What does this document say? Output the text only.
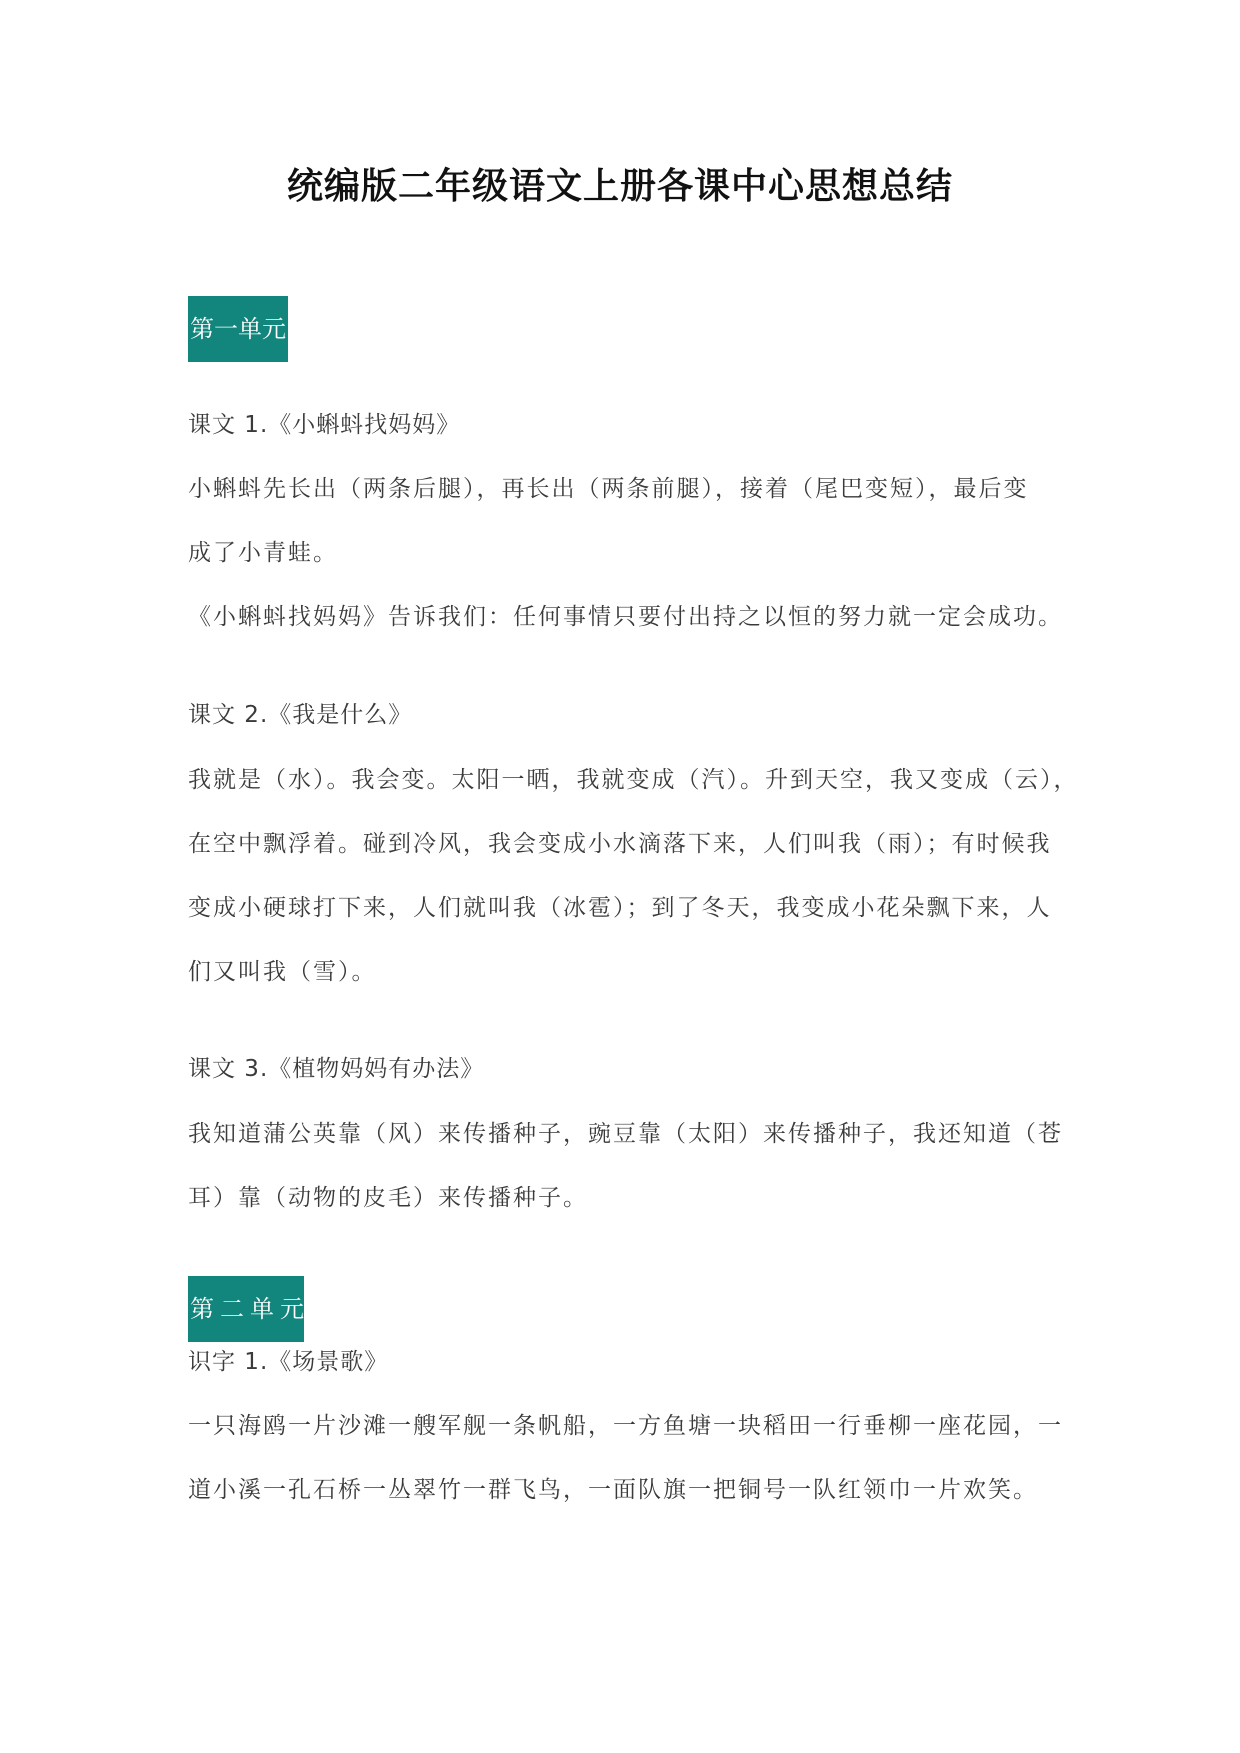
统编版二年级语文上册各课中心思想总结
第一单元

课文 1.《小蝌蚪找妈妈》

小蝌蚪先长出（两条后腿），再长出（两条前腿），接着（尾巴变短），最后变

成了小青蛙。

《小蝌蚪找妈妈》告诉我们：任何事情只要付出持之以恒的努力就一定会成功。

课文 2.《我是什么》

我就是（水）。我会变。太阳一晒，我就变成（汽）。升到天空，我又变成（云），

在空中飘浮着。碰到冷风，我会变成小水滴落下来，人们叫我（雨）；有时候我

变成小硬球打下来，人们就叫我（冰雹）；到了冬天，我变成小花朵飘下来，人

们又叫我（雪）。

课文 3.《植物妈妈有办法》

我知道蒲公英靠（风）来传播种子，豌豆靠（太阳）来传播种子，我还知道（苍

耳）靠（动物的皮毛）来传播种子。

第二单元

识字 1.《场景歌》

一只海鸥一片沙滩一艘军舰一条帆船，一方鱼塘一块稻田一行垂柳一座花园，一

道小溪一孔石桥一丛翠竹一群飞鸟，一面队旗一把铜号一队红领巾一片欢笑。
